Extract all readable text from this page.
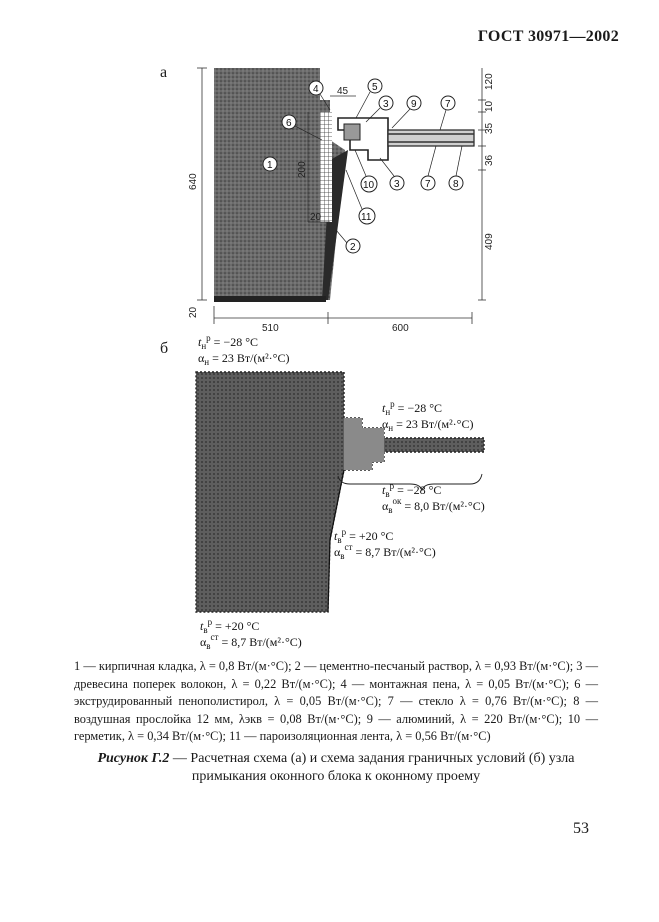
ГОСТ 30971—2002
а
б
640
20
510	600
120
10
35
36
409
45
200
20
1
4	5
3 9	7
6
10 3	7 8
11
2
$t_н^р = -28$ °С
$\alpha_н = 23$ Вт/(м²·°С)
$t_н^р = -28$ °С
$\alpha_н = 23$ Вт/(м²·°С)
$t_в^р = -28$ °С
$\alpha_в^{ок} = 8,0$ Вт/(м²·°С)
$t_в^р = +20$ °С
$\alpha_в^{ст} = 8,7$ Вт/(м²·°С)
$t_в^р = +20$ °С
$\alpha_в^{ст} = 8,7$ Вт/(м²·°С)
1 — кирпичная кладка, λ = 0,8 Вт/(м·°С); 2 — цементно-песчаный раствор, λ = 0,93 Вт/(м·°С); 3 — древесина поперек волокон, λ = 0,22 Вт/(м·°С); 4 — монтажная пена, λ = 0,05 Вт/(м·°С); 6 — экструдированный пенополистирол, λ = 0,05 Вт/(м·°С); 7 — стекло λ = 0,76 Вт/(м·°С); 8 — воздушная прослойка 12 мм, λэкв = 0,08 Вт/(м·°С); 9 — алюминий, λ = 220 Вт/(м·°С); 10 — герметик, λ = 0,34 Вт/(м·°С); 11 — пароизоляционная лента, λ = 0,56 Вт/(м·°С)
Рисунок Г.2 — Расчетная схема (а) и схема задания граничных условий (б) узла примыкания оконного блока к оконному проему
53
